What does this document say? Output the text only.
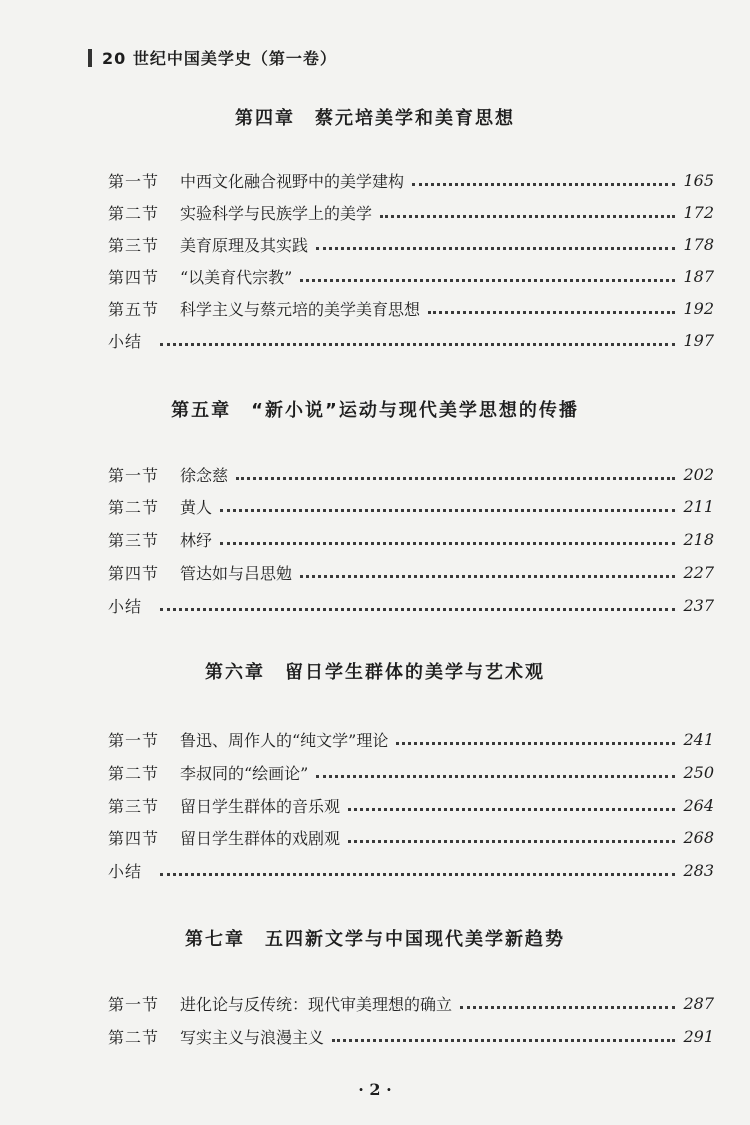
20 世纪中国美学史（第一卷）
第四章　蔡元培美学和美育思想
第一节	中西文化融合视野中的美学建构	165
第二节	实验科学与民族学上的美学	172
第三节	美育原理及其实践	178
第四节	“以美育代宗教”	187
第五节	科学主义与蔡元培的美学美育思想	192
小结	197
第五章　“新小说”运动与现代美学思想的传播
第一节	徐念慈	202
第二节	黄人	211
第三节	林纾	218
第四节	管达如与吕思勉	227
小结	237
第六章　留日学生群体的美学与艺术观
第一节	鲁迅、周作人的“纯文学”理论	241
第二节	李叔同的“绘画论”	250
第三节	留日学生群体的音乐观	264
第四节	留日学生群体的戏剧观	268
小结	283
第七章　五四新文学与中国现代美学新趋势
第一节	进化论与反传统：现代审美理想的确立	287
第二节	写实主义与浪漫主义	291
· 2 ·
